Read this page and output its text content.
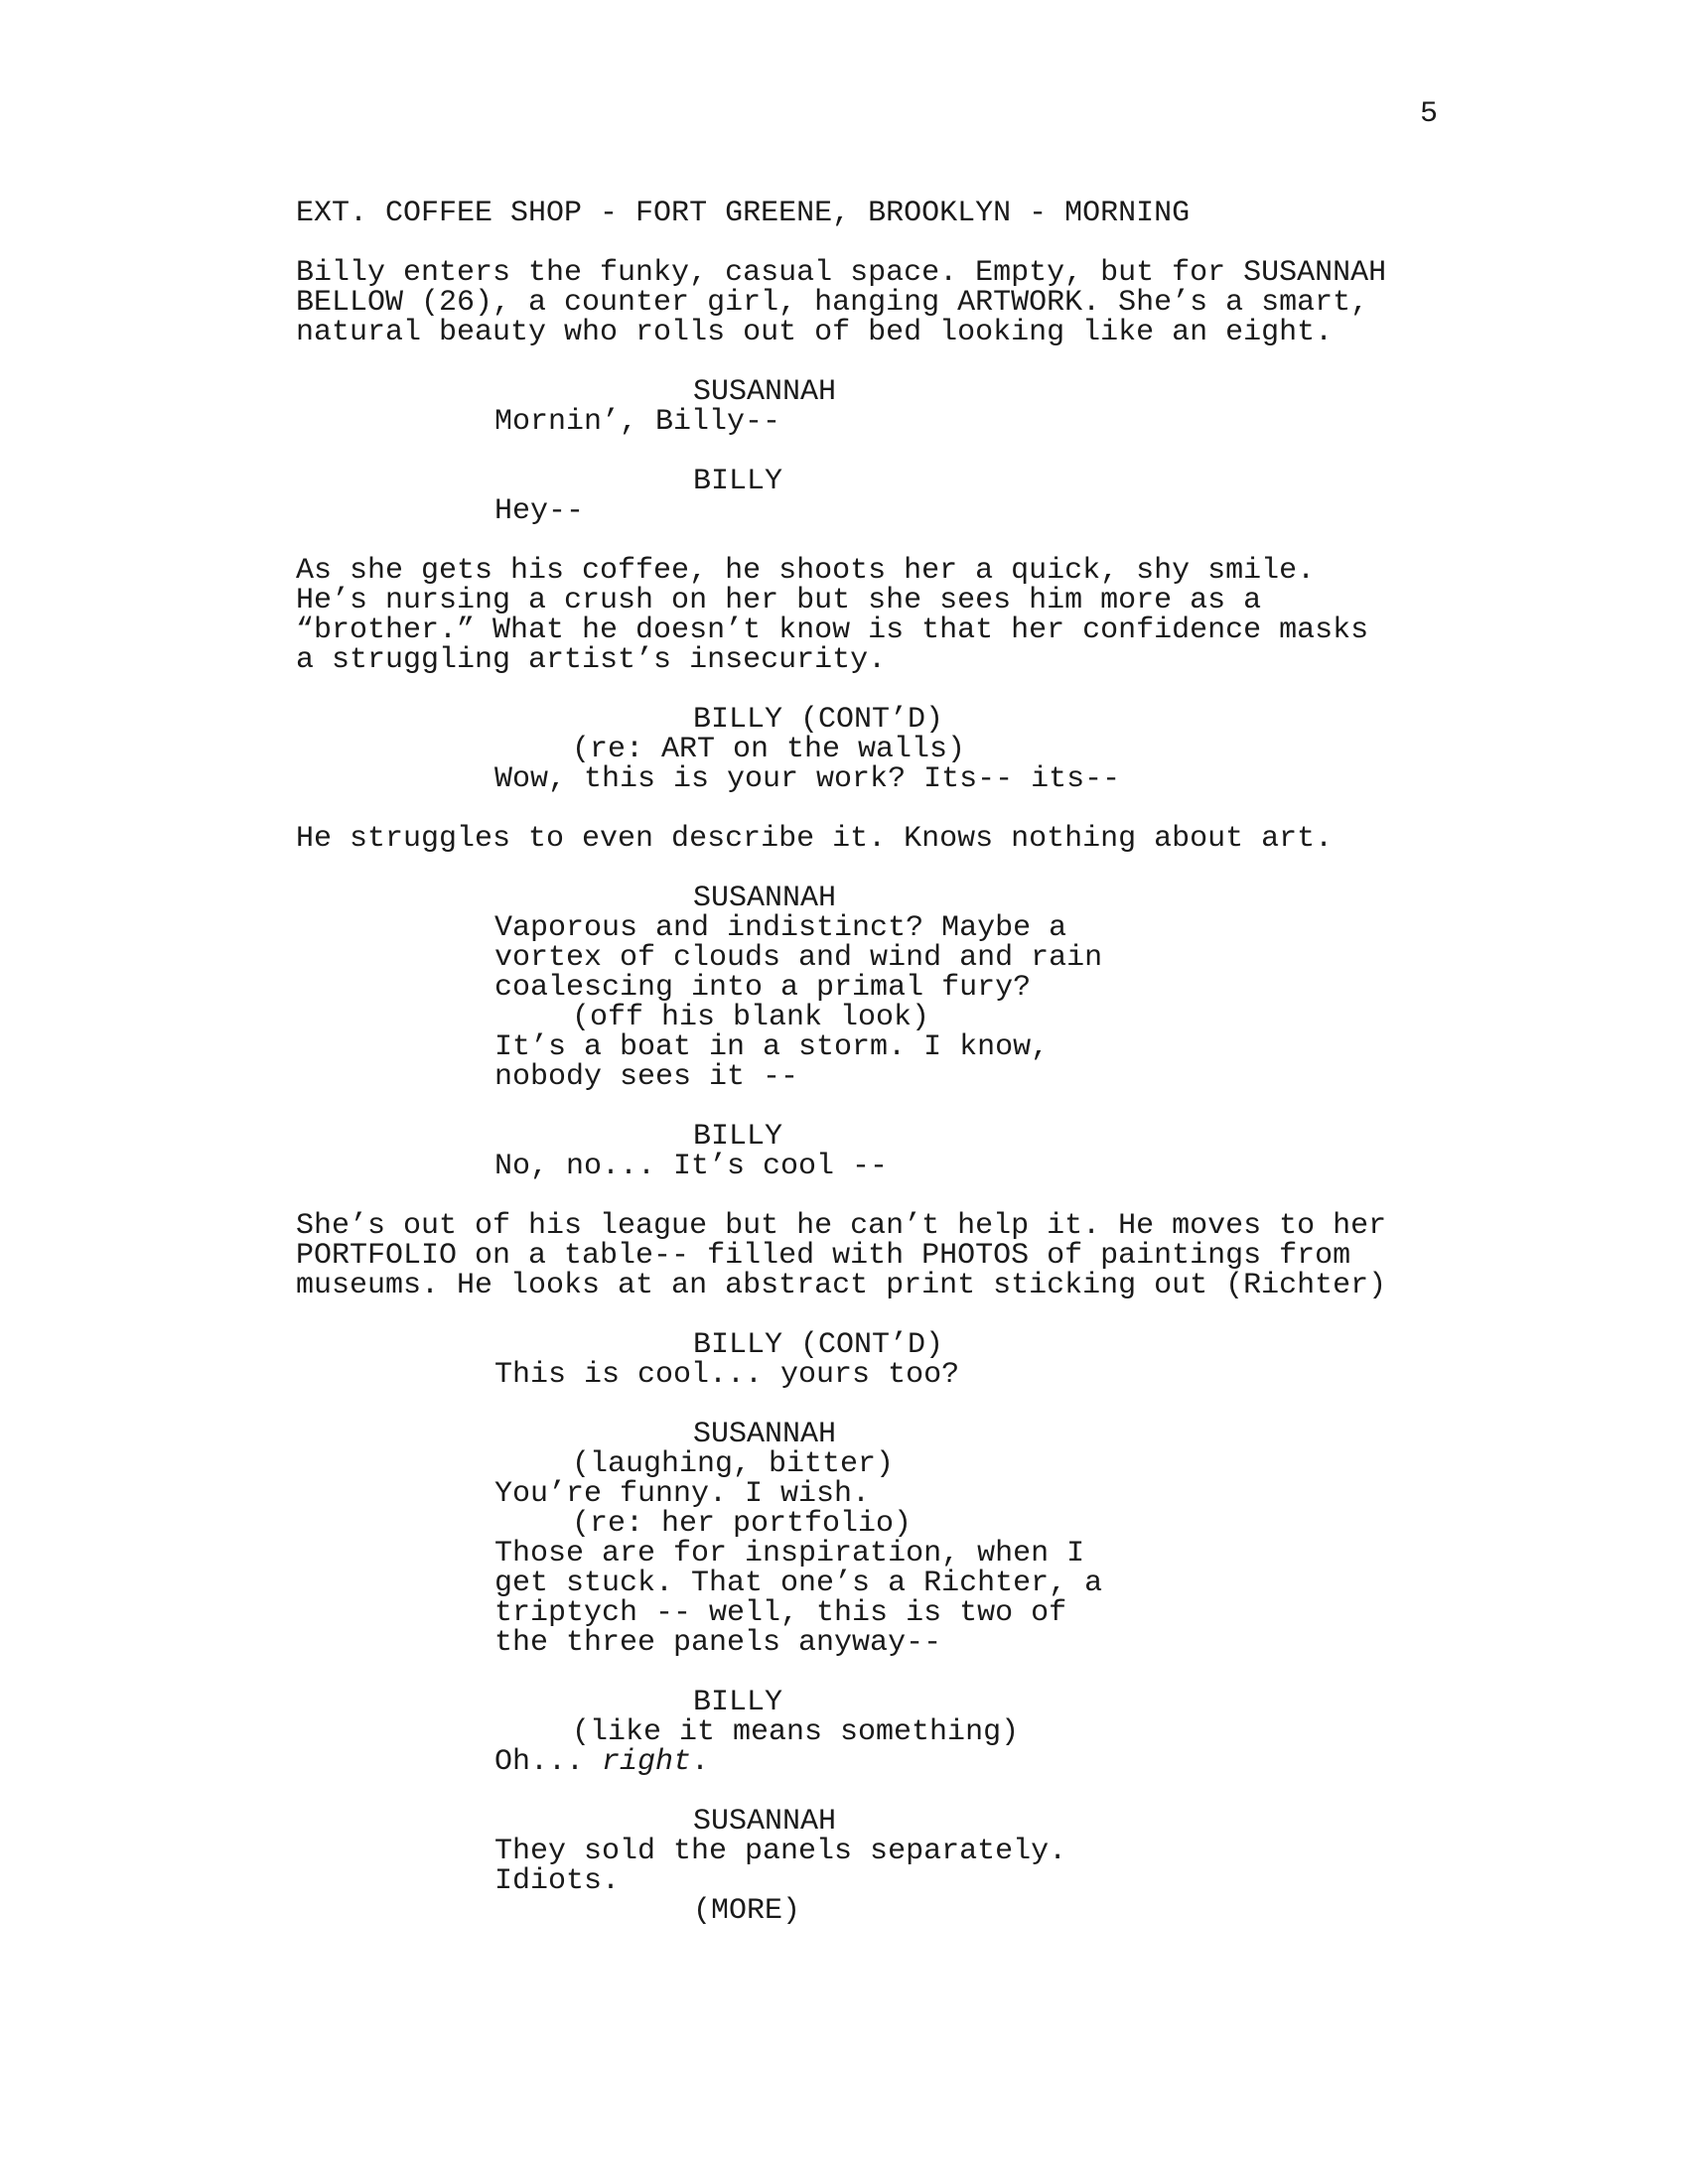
5
EXT. COFFEE SHOP - FORT GREENE, BROOKLYN - MORNING
Billy enters the funky, casual space. Empty, but for SUSANNAH
BELLOW (26), a counter girl, hanging ARTWORK. She’s a smart,
natural beauty who rolls out of bed looking like an eight.
SUSANNAH
Mornin’, Billy--
BILLY
Hey--
As she gets his coffee, he shoots her a quick, shy smile.
He’s nursing a crush on her but she sees him more as a
“brother.” What he doesn’t know is that her confidence masks
a struggling artist’s insecurity.
BILLY (CONT’D)
(re: ART on the walls)
Wow, this is your work? Its-- its--
He struggles to even describe it. Knows nothing about art.
SUSANNAH
Vaporous and indistinct? Maybe a
vortex of clouds and wind and rain
coalescing into a primal fury?
(off his blank look)
It’s a boat in a storm. I know,
nobody sees it --
BILLY
No, no... It’s cool --
She’s out of his league but he can’t help it. He moves to her
PORTFOLIO on a table-- filled with PHOTOS of paintings from
museums. He looks at an abstract print sticking out (Richter)
BILLY (CONT’D)
This is cool... yours too?
SUSANNAH
(laughing, bitter)
You’re funny. I wish.
(re: her portfolio)
Those are for inspiration, when I
get stuck. That one’s a Richter, a
triptych -- well, this is two of
the three panels anyway--
BILLY
(like it means something)
Oh... right.
SUSANNAH
They sold the panels separately.
Idiots.
(MORE)
